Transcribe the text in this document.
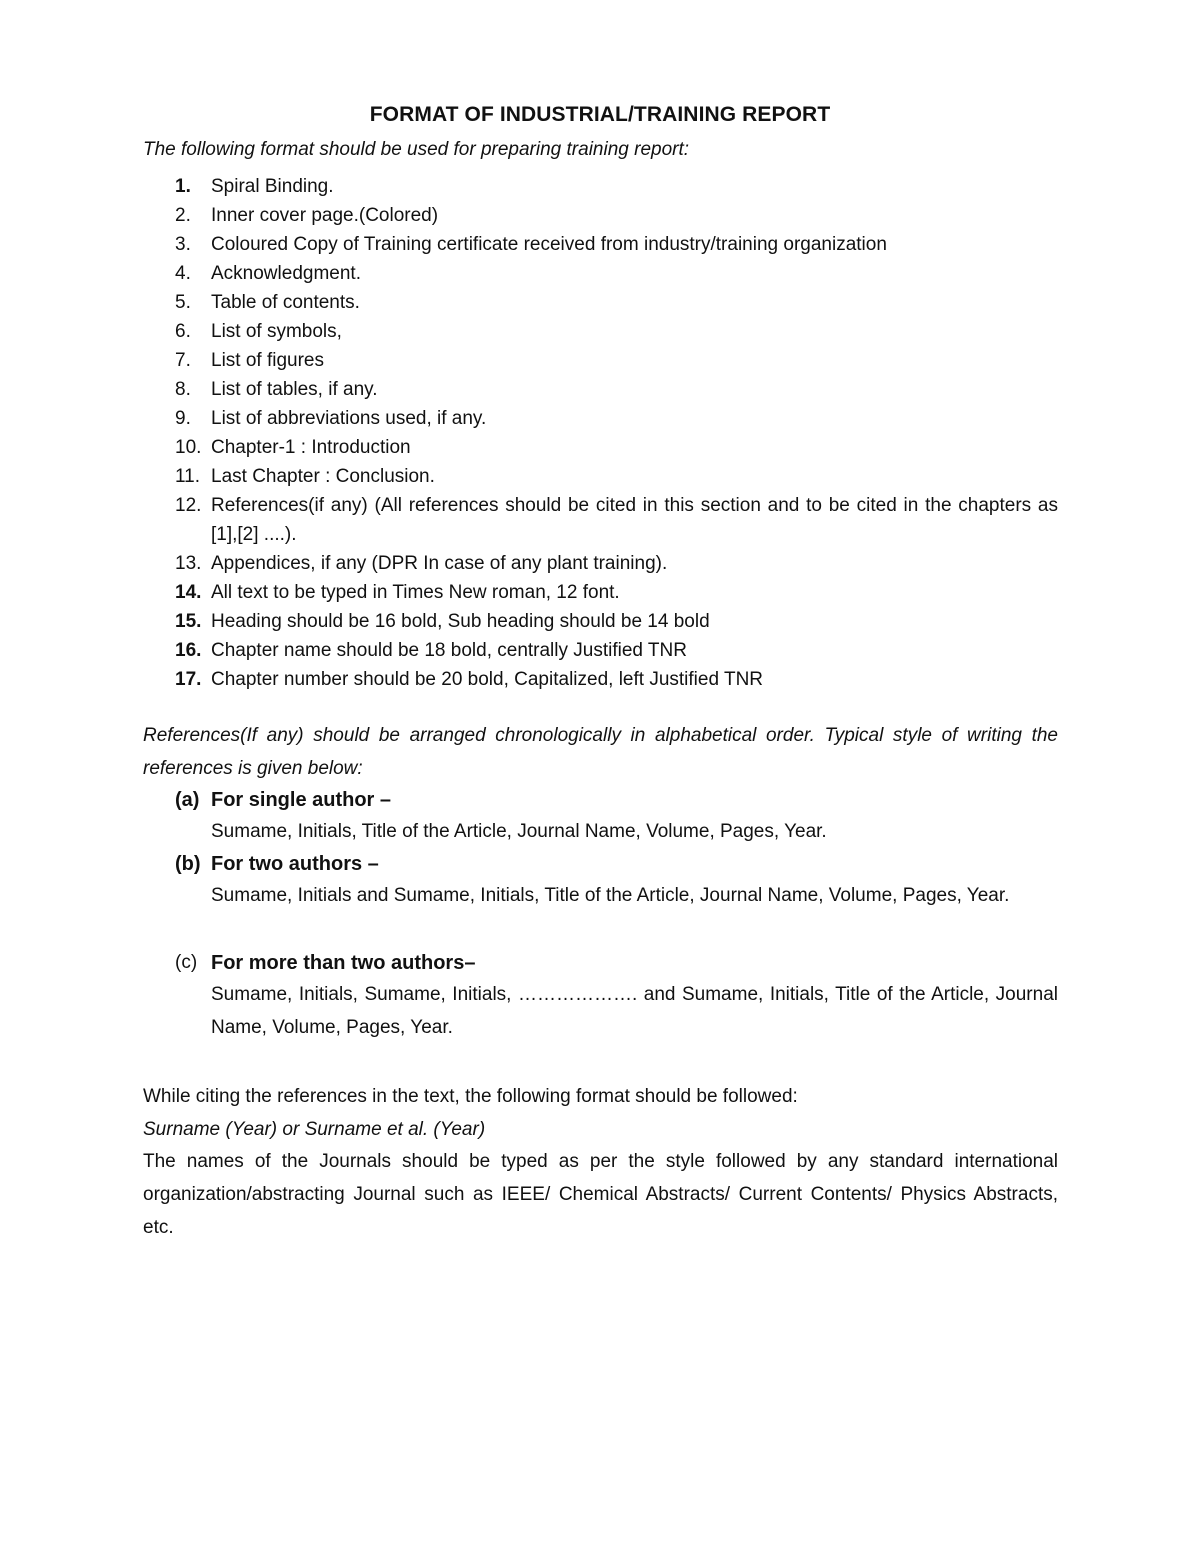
FORMAT OF INDUSTRIAL/TRAINING REPORT
The following format should be used for preparing training report:
1.	Spiral Binding.
2.	Inner cover page.(Colored)
3.	Coloured Copy of Training certificate received from industry/training organization
4.	Acknowledgment.
5.	Table of contents.
6.	List of symbols,
7.	List of figures
8.	List of tables, if any.
9.	List of abbreviations used, if any.
10. Chapter-1 : Introduction
11. Last Chapter : Conclusion.
12. References(if any) (All references should be cited in this section and to be cited in the chapters as [1],[2] ....).
13. Appendices, if any (DPR In case of any plant training).
14. All text to be typed in Times New roman, 12 font.
15. Heading should be 16 bold, Sub heading should be 14 bold
16. Chapter name should be 18 bold, centrally Justified TNR
17. Chapter number should be 20 bold, Capitalized, left Justified TNR
References(If any) should be arranged chronologically in alphabetical order. Typical style of writing the references is given below:
(a) For single author –
Sumame, Initials, Title of the Article, Journal Name, Volume, Pages, Year.
(b) For two authors –
Sumame, Initials and Sumame, Initials, Title of the Article, Journal Name, Volume, Pages, Year.
(c) For more than two authors–
Sumame, Initials, Sumame, Initials, ………………. and Sumame, Initials, Title of the Article, Journal Name, Volume, Pages, Year.
While citing the references in the text, the following format should be followed:
Surname (Year) or Surname et al. (Year)
The names of the Journals should be typed as per the style followed by any standard international organization/abstracting Journal such as IEEE/ Chemical Abstracts/ Current Contents/ Physics Abstracts, etc.
